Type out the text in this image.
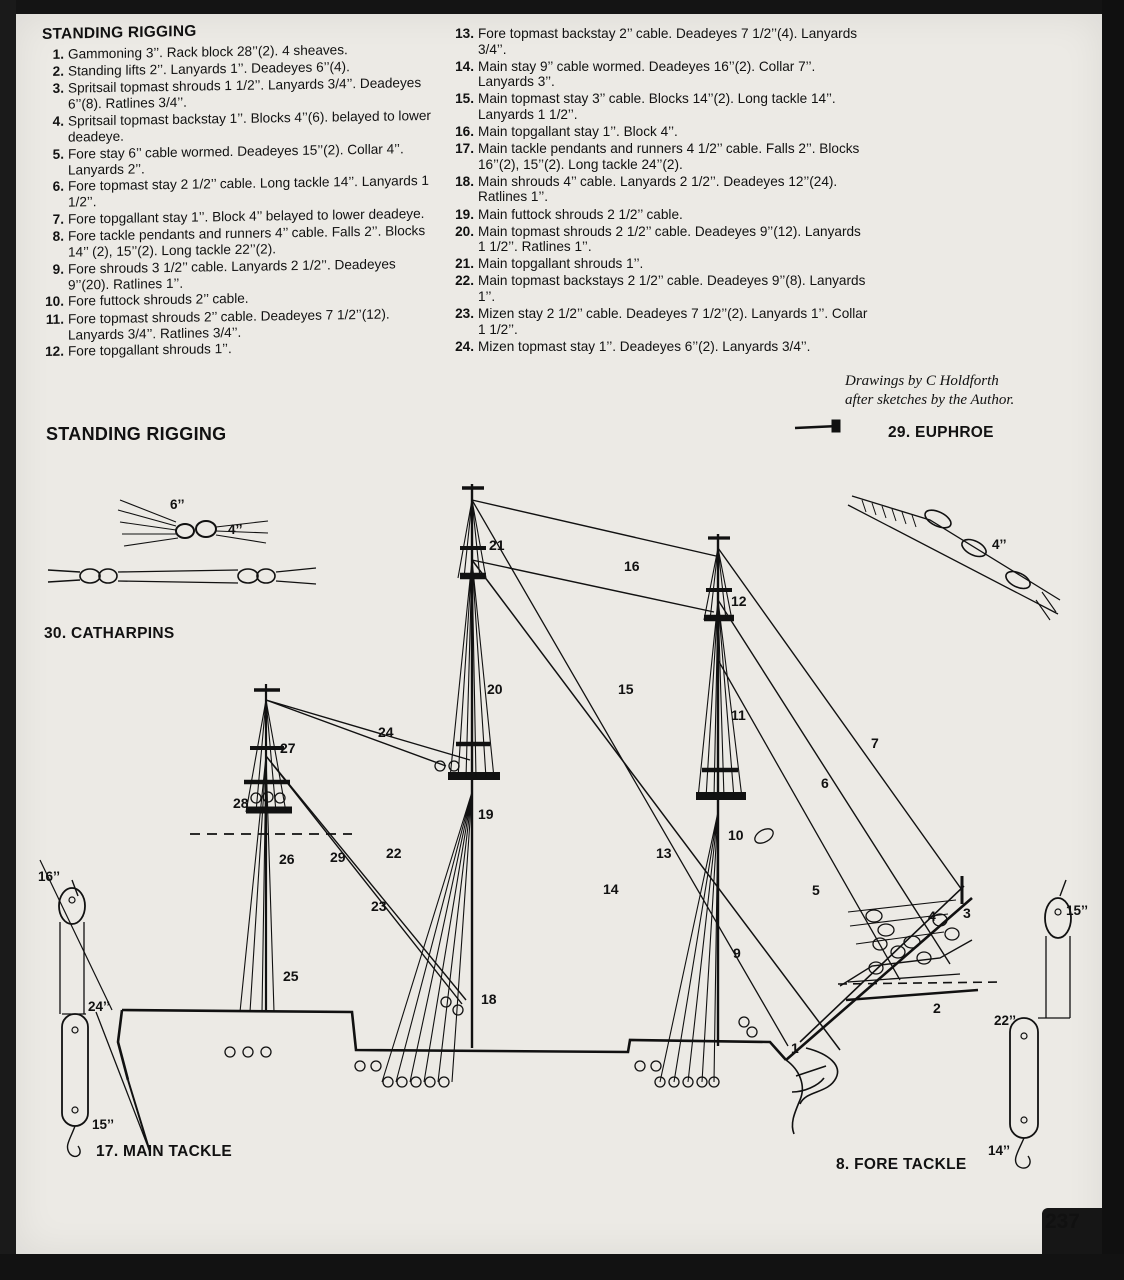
STANDING RIGGING
1. Gammoning 3’’. Rack block 28’’(2). 4 sheaves.
2. Standing lifts 2’’. Lanyards 1’’. Deadeyes 6’’(4).
3. Spritsail topmast shrouds 1 1/2’’. Lanyards 3/4’’. Deadeyes 6’’(8). Ratlines 3/4’’.
4. Spritsail topmast backstay 1’’. Blocks 4’’(6). belayed to lower deadeye.
5. Fore stay 6’’ cable wormed. Deadeyes 15’’(2). Collar 4’’. Lanyards 2’’.
6. Fore topmast stay 2 1/2’’ cable. Long tackle 14’’. Lanyards 1 1/2’’.
7. Fore topgallant stay 1’’. Block 4’’ belayed to lower deadeye.
8. Fore tackle pendants and runners 4’’ cable. Falls 2’’. Blocks 14’’ (2), 15’’(2). Long tackle 22’’(2).
9. Fore shrouds 3 1/2’’ cable. Lanyards 2 1/2’’. Deadeyes 9’’(20). Ratlines 1’’.
10. Fore futtock shrouds 2’’ cable.
11. Fore topmast shrouds 2’’ cable. Deadeyes 7 1/2’’(12). Lanyards 3/4’’. Ratlines 3/4’’.
12. Fore topgallant shrouds 1’’.
13. Fore topmast backstay 2’’ cable. Deadeyes 7 1/2’’(4). Lanyards 3/4’’.
14. Main stay 9’’ cable wormed. Deadeyes 16’’(2). Collar 7’’. Lanyards 3’’.
15. Main topmast stay 3’’ cable. Blocks 14’’(2). Long tackle 14’’. Lanyards 1 1/2’’.
16. Main topgallant stay 1’’. Block 4’’.
17. Main tackle pendants and runners 4 1/2’’ cable. Falls 2’’. Blocks 16’’(2), 15’’(2). Long tackle 24’’(2).
18. Main shrouds 4’’ cable. Lanyards 2 1/2’’. Deadeyes 12’’(24). Ratlines 1’’.
19. Main futtock shrouds 2 1/2’’ cable.
20. Main topmast shrouds 2 1/2’’ cable. Deadeyes 9’’(12). Lanyards 1 1/2’’. Ratlines 1’’.
21. Main topgallant shrouds 1’’.
22. Main topmast backstays 2 1/2’’ cable. Deadeyes 9’’(8). Lanyards 1’’.
23. Mizen stay 2 1/2’’ cable. Deadeyes 7 1/2’’(2). Lanyards 1’’. Collar 1 1/2’’.
24. Mizen topmast stay 1’’. Deadeyes 6’’(2). Lanyards 3/4’’.
Drawings by C Holdforth
after sketches by the Author.
STANDING RIGGING	29. EUPHROE
30. CATHARPINS
17. MAIN TACKLE
8. FORE TACKLE
6’’
4’’
4’’
16’’
15’’
24’’
22’’
15’’
14’’
21
16
12
20	15
11
7
27
24
6
28
19
10
26	29	22	13
5
23
14
4 3
9
25
2
18
1
237
